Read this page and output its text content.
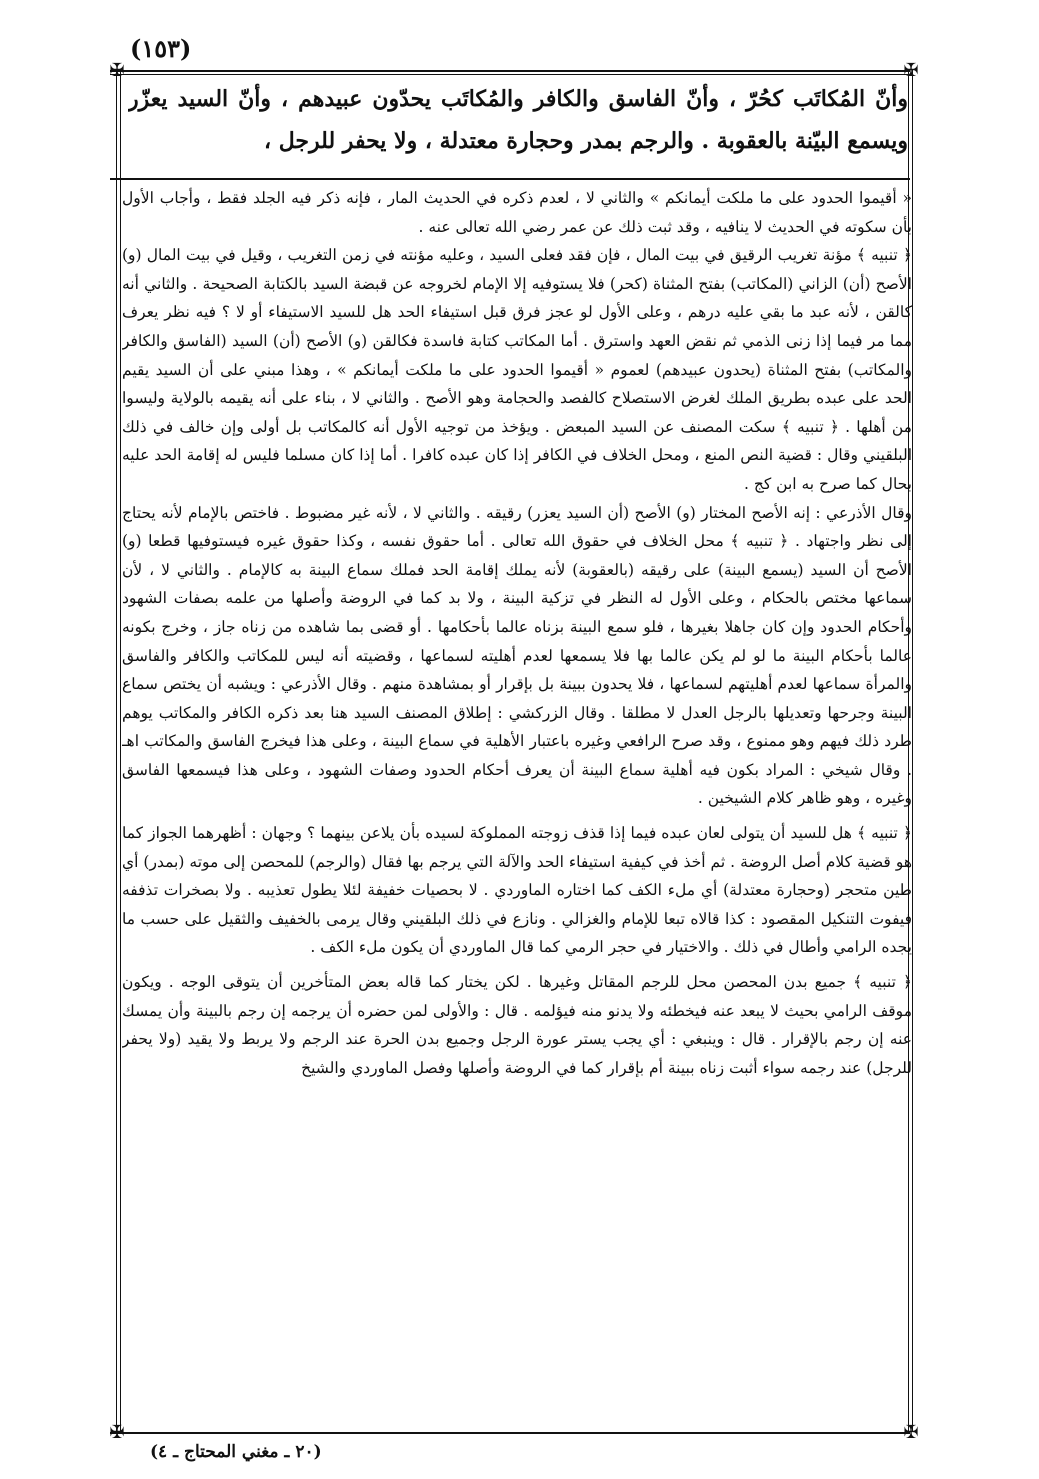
(١٥٣)
✠	✠
وأنّ المُكاتَب كحُرّ ، وأنّ الفاسق والكافر والمُكاتَب يحدّون عبيدهم ، وأنّ السيد يعزّر ويسمع البيّنة بالعقوبة . والرجم بمدر وحجارة معتدلة ، ولا يحفر للرجل ،

« أقيموا الحدود على ما ملكت أيمانكم » والثاني لا ، لعدم ذكره في الحديث المار ، فإنه ذكر فيه الجلد فقط ، وأجاب الأول بأن سكوته في الحديث لا ينافيه ، وقد ثبت ذلك عن عمر رضي الله تعالى عنه .

﴿ تنبيه ﴾ مؤنة تغريب الرقيق في بيت المال ، فإن فقد فعلى السيد ، وعليه مؤنته في زمن التغريب ، وقيل في بيت المال (و) الأصح (أن) الزاني (المكاتب) بفتح المثناة (كحر) فلا يستوفيه إلا الإمام لخروجه عن قبضة السيد بالكتابة الصحيحة . والثاني أنه كالقن ، لأنه عبد ما بقي عليه درهم ، وعلى الأول لو عجز فرق قبل استيفاء الحد هل للسيد الاستيفاء أو لا ؟ فيه نظر يعرف مما مر فيما إذا زنى الذمي ثم نقض العهد واسترق . أما المكاتب كتابة فاسدة فكالقن (و) الأصح (أن) السيد (الفاسق والكافر والمكاتب) بفتح المثناة (يحدون عبيدهم) لعموم « أقيموا الحدود على ما ملكت أيمانكم » ، وهذا مبني على أن السيد يقيم الحد على عبده بطريق الملك لغرض الاستصلاح كالفصد والحجامة وهو الأصح . والثاني لا ، بناء على أنه يقيمه بالولاية وليسوا من أهلها . ﴿ تنبيه ﴾ سكت المصنف عن السيد المبعض . ويؤخذ من توجيه الأول أنه كالمكاتب بل أولى وإن خالف في ذلك البلقيني وقال : قضية النص المنع ، ومحل الخلاف في الكافر إذا كان عبده كافرا . أما إذا كان مسلما فليس له إقامة الحد عليه بحال كما صرح به ابن كج .

وقال الأذرعي : إنه الأصح المختار (و) الأصح (أن السيد يعزر) رقيقه . والثاني لا ، لأنه غير مضبوط . فاختص بالإمام لأنه يحتاج إلى نظر واجتهاد . ﴿ تنبيه ﴾ محل الخلاف في حقوق الله تعالى . أما حقوق نفسه ، وكذا حقوق غيره فيستوفيها قطعا (و) الأصح أن السيد (يسمع البينة) على رقيقه (بالعقوبة) لأنه يملك إقامة الحد فملك سماع البينة به كالإمام . والثاني لا ، لأن سماعها مختص بالحكام ، وعلى الأول له النظر في تزكية البينة ، ولا بد كما في الروضة وأصلها من علمه بصفات الشهود وأحكام الحدود وإن كان جاهلا بغيرها ، فلو سمع البينة بزناه عالما بأحكامها . أو قضى بما شاهده من زناه جاز ، وخرج بكونه عالما بأحكام البينة ما لو لم يكن عالما بها فلا يسمعها لعدم أهليته لسماعها ، وقضيته أنه ليس للمكاتب والكافر والفاسق والمرأة سماعها لعدم أهليتهم لسماعها ، فلا يحدون ببينة بل بإقرار أو بمشاهدة منهم . وقال الأذرعي : ويشبه أن يختص سماع البينة وجرحها وتعديلها بالرجل العدل لا مطلقا . وقال الزركشي : إطلاق المصنف السيد هنا بعد ذكره الكافر والمكاتب يوهم طرد ذلك فيهم وهو ممنوع ، وقد صرح الرافعي وغيره باعتبار الأهلية في سماع البينة ، وعلى هذا فيخرج الفاسق والمكاتب اهـ . وقال شيخي : المراد بكون فيه أهلية سماع البينة أن يعرف أحكام الحدود وصفات الشهود ، وعلى هذا فيسمعها الفاسق وغيره ، وهو ظاهر كلام الشيخين .

﴿ تنبيه ﴾ هل للسيد أن يتولى لعان عبده فيما إذا قذف زوجته المملوكة لسيده بأن يلاعن بينهما ؟ وجهان : أظهرهما الجواز كما هو قضية كلام أصل الروضة . ثم أخذ في كيفية استيفاء الحد والآلة التي يرجم بها فقال (والرجم) للمحصن إلى موته (بمدر) أي طين متحجر (وحجارة معتدلة) أي ملء الكف كما اختاره الماوردي . لا بحصيات خفيفة لئلا يطول تعذيبه . ولا بصخرات تذففه فيفوت التنكيل المقصود : كذا قالاه تبعا للإمام والغزالي . ونازع في ذلك البلقيني وقال يرمى بالخفيف والثقيل على حسب ما يجده الرامي وأطال في ذلك . والاختيار في حجر الرمي كما قال الماوردي أن يكون ملء الكف .

﴿ تنبيه ﴾ جميع بدن المحصن محل للرجم المقاتل وغيرها . لكن يختار كما قاله بعض المتأخرين أن يتوقى الوجه . ويكون موقف الرامي بحيث لا يبعد عنه فيخطئه ولا يدنو منه فيؤلمه . قال : والأولى لمن حضره أن يرجمه إن رجم بالبينة وأن يمسك عنه إن رجم بالإقرار . قال : وينبغي : أي يجب يستر عورة الرجل وجميع بدن الحرة عند الرجم ولا يربط ولا يقيد (ولا يحفر للرجل) عند رجمه سواء أثبت زناه ببينة أم بإقرار كما في الروضة وأصلها وفصل الماوردي والشيخ

(٢٠ ـ مغني المحتاج ـ ٤)
✠	✠
